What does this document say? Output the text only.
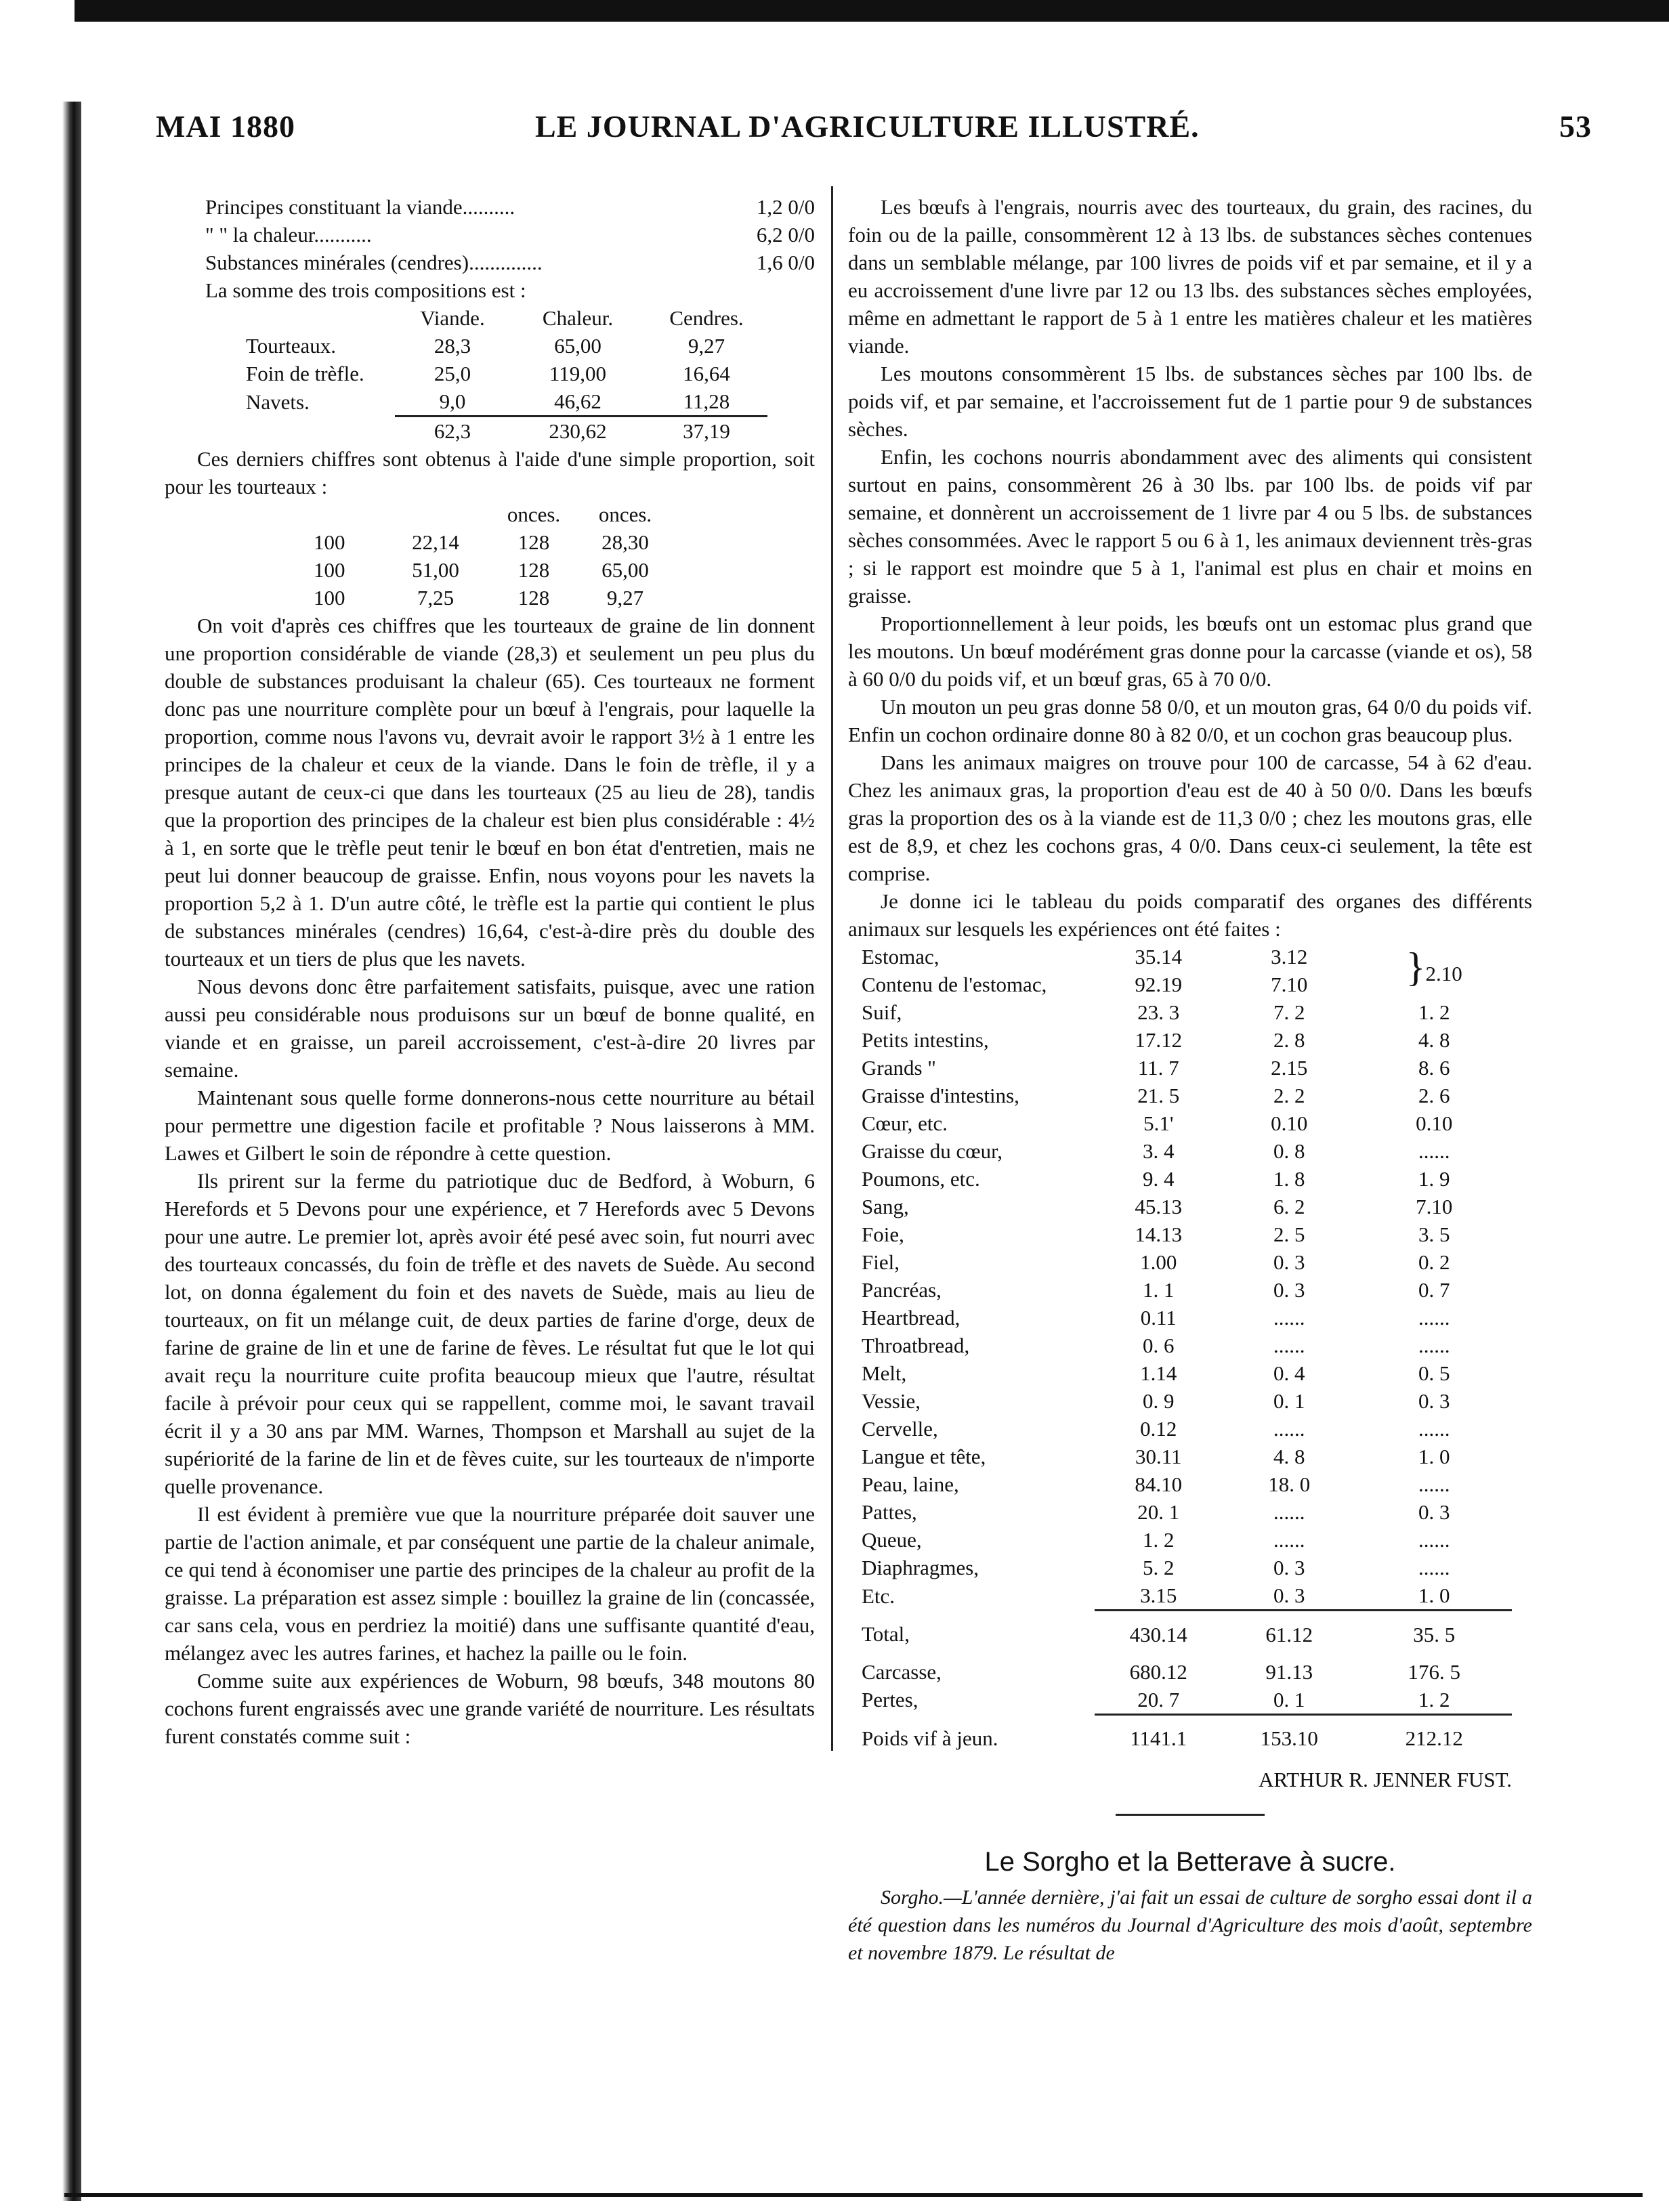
MAI 1880	LE JOURNAL D'AGRICULTURE ILLUSTRÉ.	53
Principes constituant la viande..........	1,2 0/0
" " la chaleur...........	6,2 0/0
Substances minérales (cendres)..............	1,6 0/0

La somme des trois compositions est :

	Viande.	Chaleur.	Cendres.
Tourteaux.	28,3	65,00	9,27
Foin de trèfle.	25,0	119,00	16,64
Navets.	9,0	46,62	11,28
	62,3	230,62	37,19

Ces derniers chiffres sont obtenus à l'aide d'une simple proportion, soit pour les tourteaux :

		onces.	onces.
100	22,14	128	28,30
100	51,00	128	65,00
100	7,25	128	9,27

On voit d'après ces chiffres que les tourteaux de graine de lin donnent une proportion considérable de viande (28,3) et seulement un peu plus du double de substances produisant la chaleur (65). Ces tourteaux ne forment donc pas une nourriture complète pour un bœuf à l'engrais, pour laquelle la proportion, comme nous l'avons vu, devrait avoir le rapport 3½ à 1 entre les principes de la chaleur et ceux de la viande. Dans le foin de trèfle, il y a presque autant de ceux-ci que dans les tourteaux (25 au lieu de 28), tandis que la proportion des principes de la chaleur est bien plus considérable : 4½ à 1, en sorte que le trèfle peut tenir le bœuf en bon état d'entretien, mais ne peut lui donner beaucoup de graisse. Enfin, nous voyons pour les navets la proportion 5,2 à 1. D'un autre côté, le trèfle est la partie qui contient le plus de substances minérales (cendres) 16,64, c'est-à-dire près du double des tourteaux et un tiers de plus que les navets.

Nous devons donc être parfaitement satisfaits, puisque, avec une ration aussi peu considérable nous produisons sur un bœuf de bonne qualité, en viande et en graisse, un pareil accroissement, c'est-à-dire 20 livres par semaine.

Maintenant sous quelle forme donnerons-nous cette nourriture au bétail pour permettre une digestion facile et profitable ? Nous laisserons à MM. Lawes et Gilbert le soin de répondre à cette question.

Ils prirent sur la ferme du patriotique duc de Bedford, à Woburn, 6 Herefords et 5 Devons pour une expérience, et 7 Herefords avec 5 Devons pour une autre. Le premier lot, après avoir été pesé avec soin, fut nourri avec des tourteaux concassés, du foin de trèfle et des navets de Suède. Au second lot, on donna également du foin et des navets de Suède, mais au lieu de tourteaux, on fit un mélange cuit, de deux parties de farine d'orge, deux de farine de graine de lin et une de farine de fèves. Le résultat fut que le lot qui avait reçu la nourriture cuite profita beaucoup mieux que l'autre, résultat facile à prévoir pour ceux qui se rappellent, comme moi, le savant travail écrit il y a 30 ans par MM. Warnes, Thompson et Marshall au sujet de la supériorité de la farine de lin et de fèves cuite, sur les tourteaux de n'importe quelle provenance.

Il est évident à première vue que la nourriture préparée doit sauver une partie de l'action animale, et par conséquent une partie de la chaleur animale, ce qui tend à économiser une partie des principes de la chaleur au profit de la graisse. La préparation est assez simple : bouillez la graine de lin (concassée, car sans cela, vous en perdriez la moitié) dans une suffisante quantité d'eau, mélangez avec les autres farines, et hachez la paille ou le foin.

Comme suite aux expériences de Woburn, 98 bœufs, 348 moutons 80 cochons furent engraissés avec une grande variété de nourriture. Les résultats furent constatés comme suit :

Les bœufs à l'engrais, nourris avec des tourteaux, du grain, des racines, du foin ou de la paille, consommèrent 12 à 13 lbs. de substances sèches contenues dans un semblable mélange, par 100 livres de poids vif et par semaine, et il y a eu accroissement d'une livre par 12 ou 13 lbs. des substances sèches employées, même en admettant le rapport de 5 à 1 entre les matières chaleur et les matières viande.

Les moutons consommèrent 15 lbs. de substances sèches par 100 lbs. de poids vif, et par semaine, et l'accroissement fut de 1 partie pour 9 de substances sèches.

Enfin, les cochons nourris abondamment avec des aliments qui consistent surtout en pains, consommèrent 26 à 30 lbs. par 100 lbs. de poids vif par semaine, et donnèrent un accroissement de 1 livre par 4 ou 5 lbs. de substances sèches consommées. Avec le rapport 5 ou 6 à 1, les animaux deviennent très-gras ; si le rapport est moindre que 5 à 1, l'animal est plus en chair et moins en graisse.

Proportionnellement à leur poids, les bœufs ont un estomac plus grand que les moutons. Un bœuf modérément gras donne pour la carcasse (viande et os), 58 à 60 0/0 du poids vif, et un bœuf gras, 65 à 70 0/0.

Un mouton un peu gras donne 58 0/0, et un mouton gras, 64 0/0 du poids vif. Enfin un cochon ordinaire donne 80 à 82 0/0, et un cochon gras beaucoup plus.

Dans les animaux maigres on trouve pour 100 de carcasse, 54 à 62 d'eau. Chez les animaux gras, la proportion d'eau est de 40 à 50 0/0. Dans les bœufs gras la proportion des os à la viande est de 11,3 0/0 ; chez les moutons gras, elle est de 8,9, et chez les cochons gras, 4 0/0. Dans ceux-ci seulement, la tête est comprise.

Je donne ici le tableau du poids comparatif des organes des différents animaux sur lesquels les expériences ont été faites :

Estomac,	35.14	3.12	}2.10
Contenu de l'estomac,	92.19	7.10	
Suif,	23. 3	7. 2	1. 2
Petits intestins,	17.12	2. 8	4. 8
Grands "	11. 7	2.15	8. 6
Graisse d'intestins,	21. 5	2. 2	2. 6
Cœur, etc.	5.1'	0.10	0.10
Graisse du cœur,	3. 4	0. 8	......
Poumons, etc.	9. 4	1. 8	1. 9
Sang,	45.13	6. 2	7.10
Foie,	14.13	2. 5	3. 5
Fiel,	1.00	0. 3	0. 2
Pancréas,	1. 1	0. 3	0. 7
Heartbread,	0.11	......	......
Throatbread,	0. 6	......	......
Melt,	1.14	0. 4	0. 5
Vessie,	0. 9	0. 1	0. 3
Cervelle,	0.12	......	......
Langue et tête,	30.11	4. 8	1. 0
Peau, laine,	84.10	18. 0	......
Pattes,	20. 1	......	0. 3
Queue,	1. 2	......	......
Diaphragmes,	5. 2	0. 3	......
Etc.	3.15	0. 3	1. 0
Total,	430.14	61.12	35. 5
Carcasse,	680.12	91.13	176. 5
Pertes,	20. 7	0. 1	1. 2
Poids vif à jeun.	1141.1	153.10	212.12
ARTHUR R. JENNER FUST.
Le Sorgho et la Betterave à sucre.

Sorgho.—L'année dernière, j'ai fait un essai de culture de sorgho essai dont il a été question dans les numéros du Journal d'Agriculture des mois d'août, septembre et novembre 1879. Le résultat de
